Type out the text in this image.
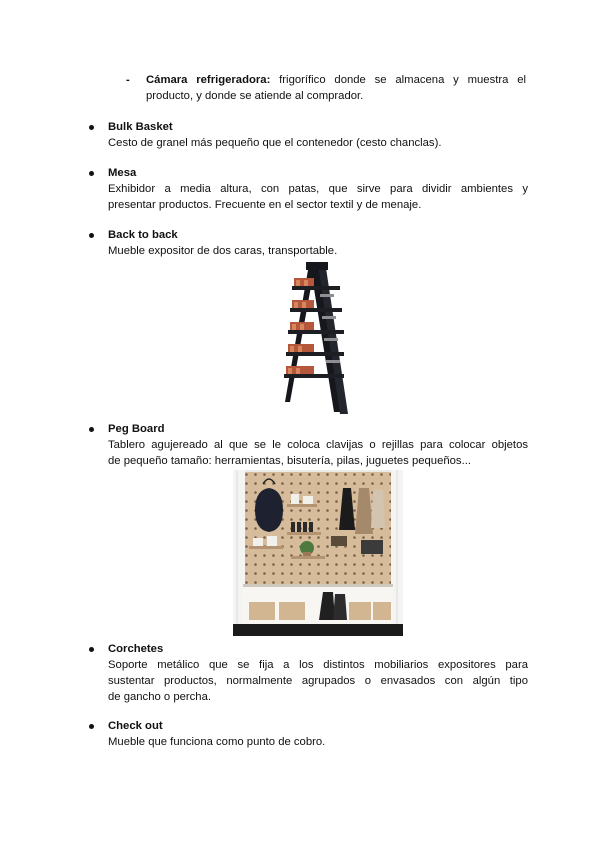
- Cámara refrigeradora: frigorífico donde se almacena y muestra el
producto, y donde se atiende al comprador.
Bulk Basket
Cesto de granel más pequeño que el contenedor (cesto chanclas).
Mesa
Exhibidor a media altura, con patas, que sirve para dividir ambientes y
presentar productos. Frecuente en el sector textil y de menaje.
Back to back
Mueble expositor de dos caras, transportable.
Peg Board
Tablero agujereado al que se le coloca clavijas o rejillas para colocar objetos
de pequeño tamaño: herramientas, bisutería, pilas, juguetes pequeños...
Corchetes
Soporte metálico que se fija a los distintos mobiliarios expositores para
sustentar productos, normalmente agrupados o envasados con algún tipo
de gancho o percha.
Check out
Mueble que funciona como punto de cobro.
